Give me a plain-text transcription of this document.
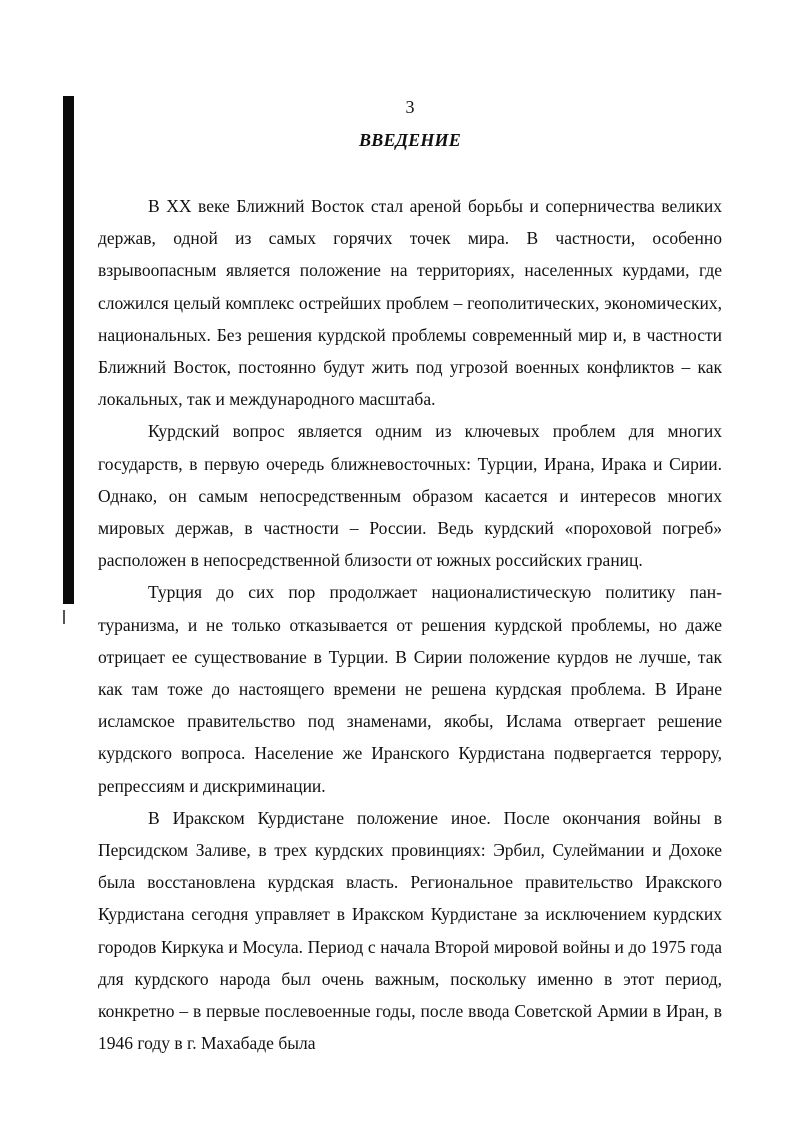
3
ВВЕДЕНИЕ

В XX веке Ближний Восток стал ареной борьбы и соперничества великих держав, одной из самых горячих точек мира. В частности, особенно взрывоопасным является положение на территориях, населенных курдами, где сложился целый комплекс острейших проблем – геополитических, экономических, национальных. Без решения курдской проблемы современный мир и, в частности Ближний Восток, постоянно будут жить под угрозой военных конфликтов – как локальных, так и международного масштаба.

Курдский вопрос является одним из ключевых проблем для многих государств, в первую очередь ближневосточных: Турции, Ирана, Ирака и Сирии. Однако, он самым непосредственным образом касается и интересов многих мировых держав, в частности – России. Ведь курдский «пороховой погреб» расположен в непосредственной близости от южных российских границ.

Турция до сих пор продолжает националистическую политику пантуранизма, и не только отказывается от решения курдской проблемы, но даже отрицает ее существование в Турции. В Сирии положение курдов не лучше, так как там тоже до настоящего времени не решена курдская проблема. В Иране исламское правительство под знаменами, якобы, Ислама отвергает решение курдского вопроса. Население же Иранского Курдистана подвергается террору, репрессиям и дискриминации.

В Иракском Курдистане положение иное. После окончания войны в Персидском Заливе, в трех курдских провинциях: Эрбил, Сулеймании и Дохоке была восстановлена курдская власть. Региональное правительство Иракского Курдистана сегодня управляет в Иракском Курдистане за исключением курдских городов Киркука и Мосула. Период с начала Второй мировой войны и до 1975 года для курдского народа был очень важным, поскольку именно в этот период, конкретно – в первые послевоенные годы, после ввода Советской Армии в Иран, в 1946 году в г. Махабаде была
